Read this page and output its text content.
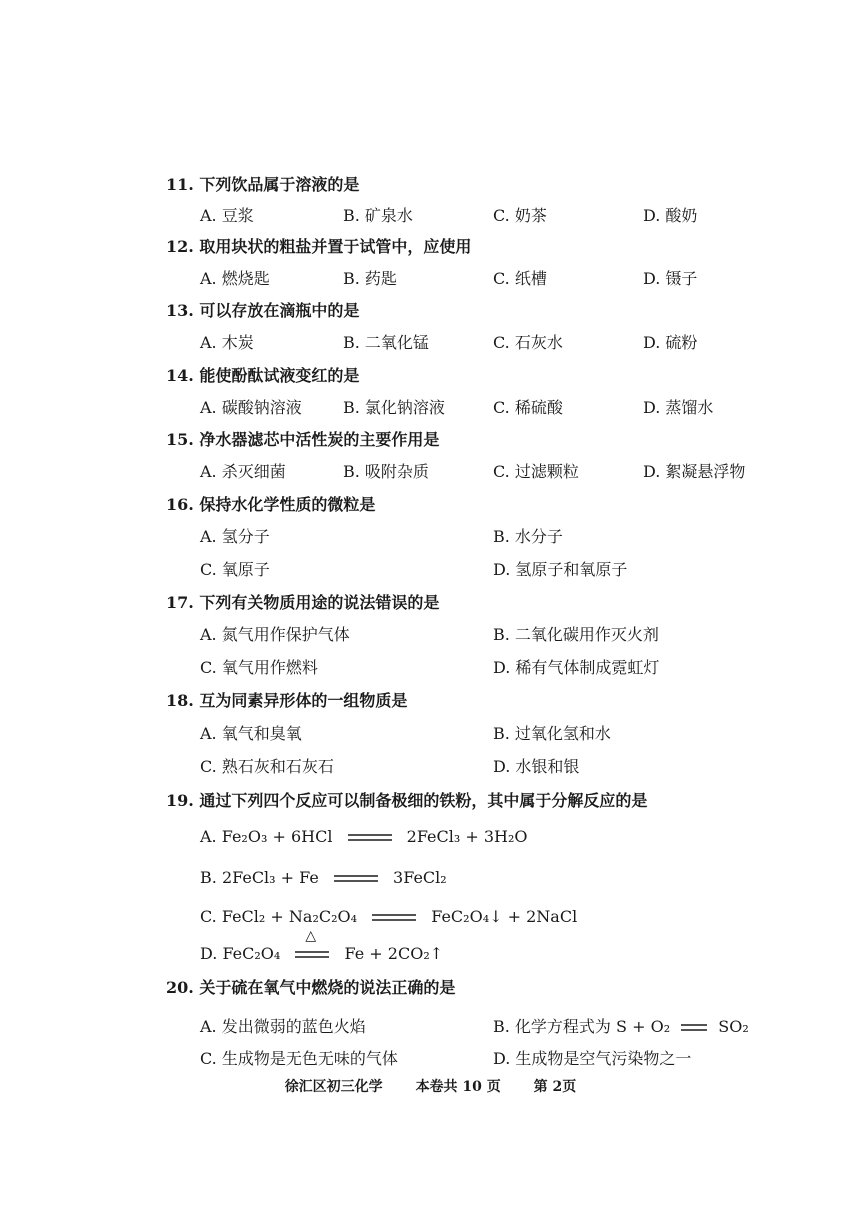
11. 下列饮品属于溶液的是
A. 豆浆	B. 矿泉水	C. 奶茶	D. 酸奶
12. 取用块状的粗盐并置于试管中，应使用
A. 燃烧匙	B. 药匙	C. 纸槽	D. 镊子
13. 可以存放在滴瓶中的是
A. 木炭	B. 二氧化锰	C. 石灰水	D. 硫粉
14. 能使酚酞试液变红的是
A. 碳酸钠溶液	B. 氯化钠溶液	C. 稀硫酸	D. 蒸馏水
15. 净水器滤芯中活性炭的主要作用是
A. 杀灭细菌	B. 吸附杂质	C. 过滤颗粒	D. 絮凝悬浮物
16. 保持水化学性质的微粒是
A. 氢分子	B. 水分子
C. 氧原子	D. 氢原子和氧原子
17. 下列有关物质用途的说法错误的是
A. 氮气用作保护气体	B. 二氧化碳用作灭火剂
C. 氧气用作燃料	D. 稀有气体制成霓虹灯
18. 互为同素异形体的一组物质是
A. 氧气和臭氧	B. 过氧化氢和水
C. 熟石灰和石灰石	D. 水银和银
19. 通过下列四个反应可以制备极细的铁粉，其中属于分解反应的是
A. Fe₂O₃ + 6HCl	2FeCl₃ + 3H₂O
B. 2FeCl₃ + Fe	3FeCl₂
C. FeCl₂ + Na₂C₂O₄	FeC₂O₄↓ + 2NaCl
D. FeC₂O₄
△
Fe + 2CO₂↑
20. 关于硫在氧气中燃烧的说法正确的是
A. 发出微弱的蓝色火焰	B. 化学方程式为 S + O₂	SO₂
C. 生成物是无色无味的气体	D. 生成物是空气污染物之一
徐汇区初三化学 本卷共 10 页 第 2页
